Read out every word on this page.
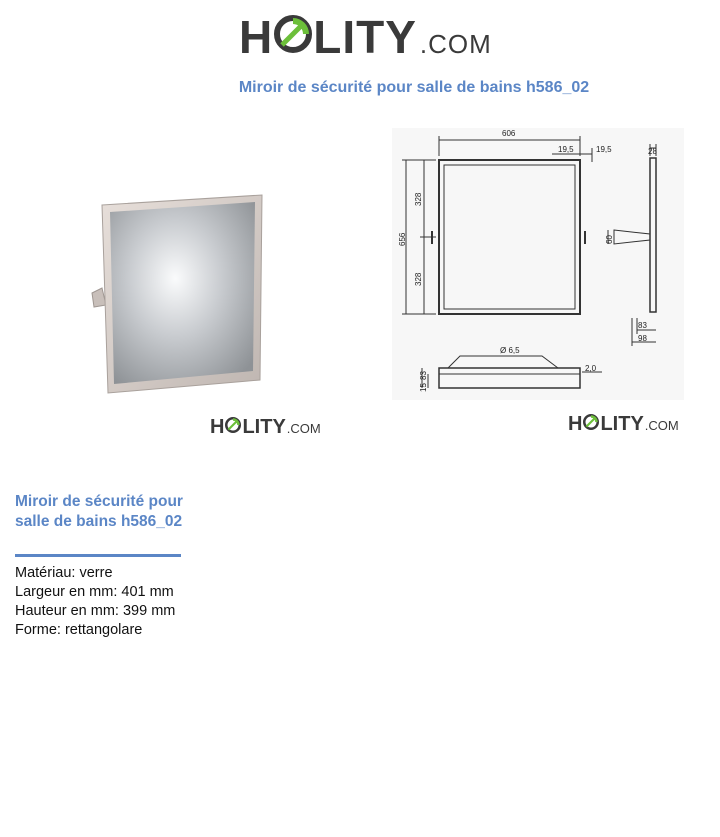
H LITY .COM
Miroir de sécurité pour salle de bains h586_02
606
19,5	19,5	28
656
328
328
60
83
98
Ø 6,5
2,0
15
83
H LITY .COM	H LITY .COM
Miroir de sécurité pour salle de bains h586_02
Matériau: verre
Largeur en mm: 401 mm
Hauteur en mm: 399 mm
Forme: rettangolare
